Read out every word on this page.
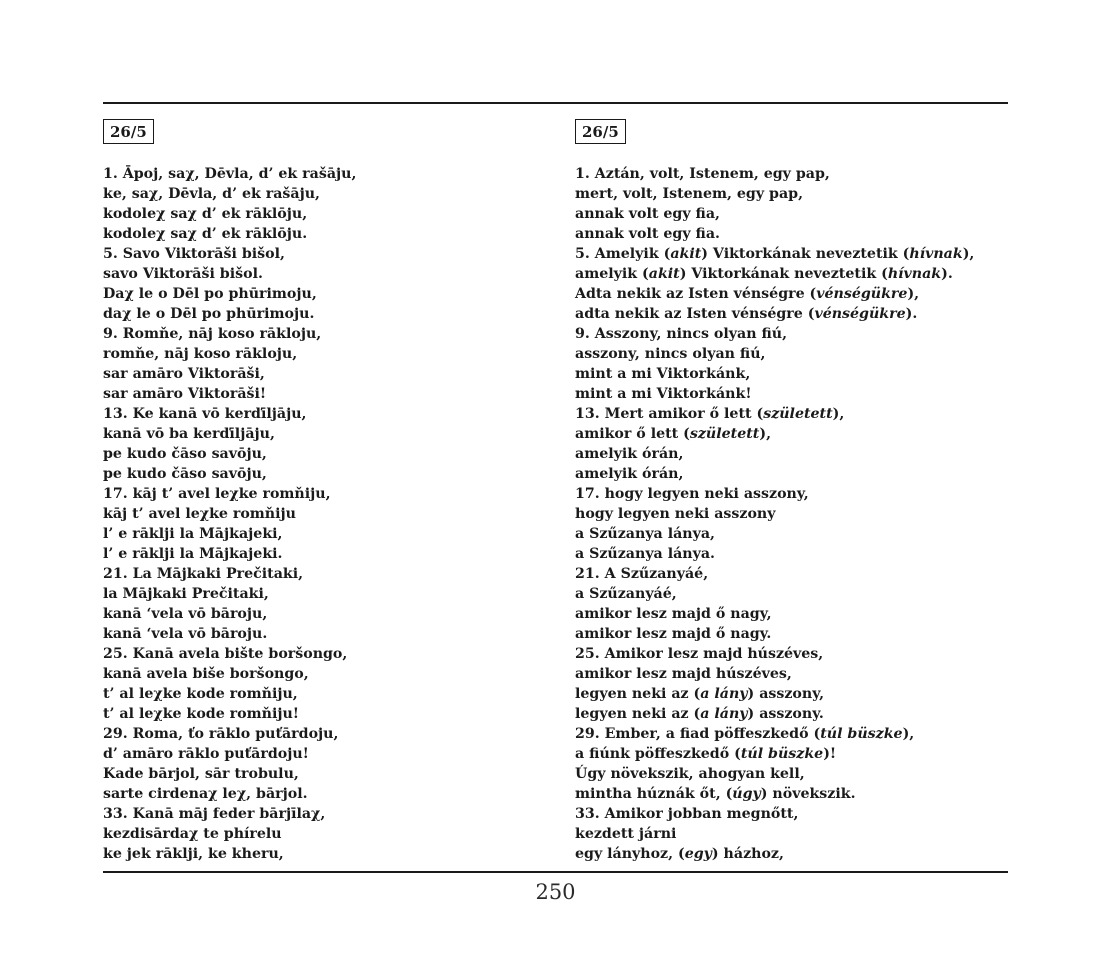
26/5
1. Āpoj, saχ, Dēvla, d’ ek rašāju,
ke, saχ, Dēvla, d’ ek rašāju,
kodoleχ saχ d’ ek rāklōju,
kodoleχ saχ d’ ek rāklōju.
5. Savo Viktorāši bišol,
savo Viktorāši bišol.
Daχ le o Dēl po phūrimoju,
daχ le o Dēl po phūrimoju.
9. Romňe, nāj koso rākloju,
romňe, nāj koso rākloju,
sar amāro Viktorāši,
sar amāro Viktorāši!
13. Ke kanā vō kerďīljāju,
kanā vō ba kerďīljāju,
pe kudo čāso savōju,
pe kudo čāso savōju,
17. kāj t’ avel leχke romňiju,
kāj t’ avel leχke romňiju
l’ e rāklji la Mājkajeki,
l’ e rāklji la Mājkajeki.
21. La Mājkaki Prečitaki,
la Mājkaki Prečitaki,
kanā ‘vela vō bāroju,
kanā ‘vela vō bāroju.
25. Kanā avela bište boršongo,
kanā avela biše boršongo,
t’ al leχke kode romňiju,
t’ al leχke kode romňiju!
29. Roma, ťo rāklo puťārdoju,
d’ amāro rāklo puťārdoju!
Kade bārjol, sār trobulu,
sarte cirdenaχ leχ, bārjol.
33. Kanā māj feder bārjīlaχ,
kezdisārdaχ te phírelu
ke jek rāklji, ke kheru,
26/5
1. Aztán, volt, Istenem, egy pap,
mert, volt, Istenem, egy pap,
annak volt egy fia,
annak volt egy fia.
5. Amelyik (akit) Viktorkának neveztetik (hívnak),
amelyik (akit) Viktorkának neveztetik (hívnak).
Adta nekik az Isten vénségre (vénségükre),
adta nekik az Isten vénségre (vénségükre).
9. Asszony, nincs olyan fiú,
asszony, nincs olyan fiú,
mint a mi Viktorkánk,
mint a mi Viktorkánk!
13. Mert amikor ő lett (született),
amikor ő lett (született),
amelyik órán,
amelyik órán,
17. hogy legyen neki asszony,
hogy legyen neki asszony
a Szűzanya lánya,
a Szűzanya lánya.
21. A Szűzanyáé,
a Szűzanyáé,
amikor lesz majd ő nagy,
amikor lesz majd ő nagy.
25. Amikor lesz majd húszéves,
amikor lesz majd húszéves,
legyen neki az (a lány) asszony,
legyen neki az (a lány) asszony.
29. Ember, a fiad pöffeszkedő (túl büszke),
a fiúnk pöffeszkedő (túl büszke)!
Úgy növekszik, ahogyan kell,
mintha húznák őt, (úgy) növekszik.
33. Amikor jobban megnőtt,
kezdett járni
egy lányhoz, (egy) házhoz,
250
